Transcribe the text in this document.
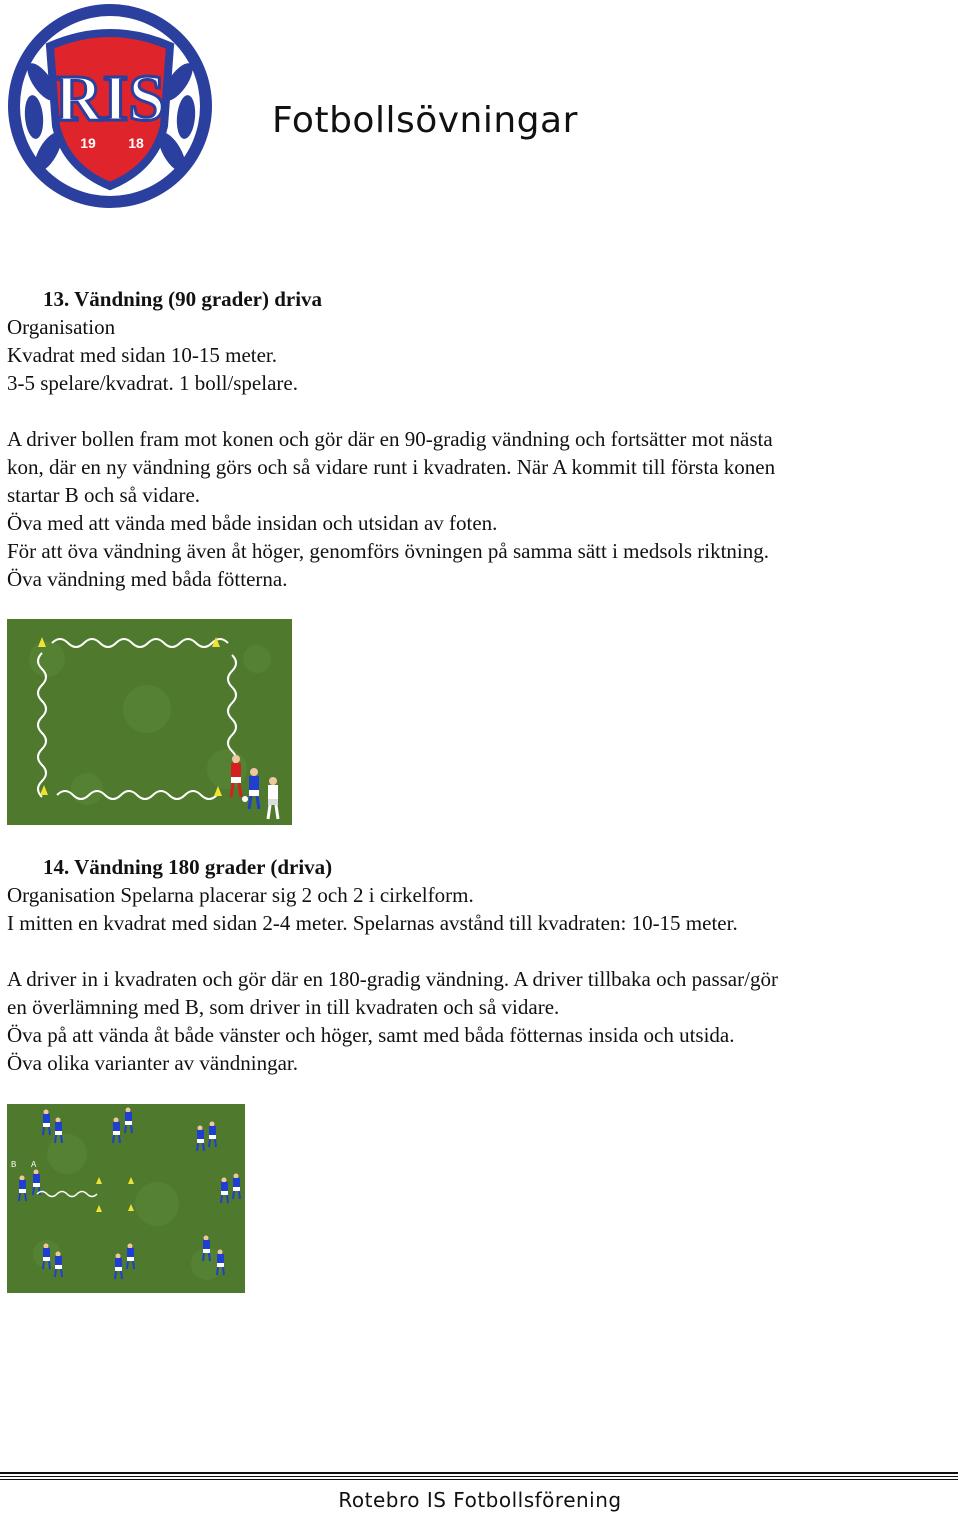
RIS
19 18
Fotbollsövningar
13. Vändning (90 grader) driva

Organisation

Kvadrat med sidan 10-15 meter.

3-5 spelare/kvadrat. 1 boll/spelare.

A driver bollen fram mot konen och gör där en 90-gradig vändning och fortsätter mot nästa

kon, där en ny vändning görs och så vidare runt i kvadraten. När A kommit till första konen

startar B och så vidare.

Öva med att vända med både insidan och utsidan av foten.

För att öva vändning även åt höger, genomförs övningen på samma sätt i medsols riktning.

Öva vändning med båda fötterna.

14. Vändning 180 grader (driva)

Organisation Spelarna placerar sig 2 och 2 i cirkelform.

I mitten en kvadrat med sidan 2-4 meter. Spelarnas avstånd till kvadraten: 10-15 meter.

A driver in i kvadraten och gör där en 180-gradig vändning. A driver tillbaka och passar/gör

en överlämning med B, som driver in till kvadraten och så vidare.

Öva på att vända åt både vänster och höger, samt med båda fötternas insida och utsida.

Öva olika varianter av vändningar.

B A
Rotebro IS Fotbollsförening
